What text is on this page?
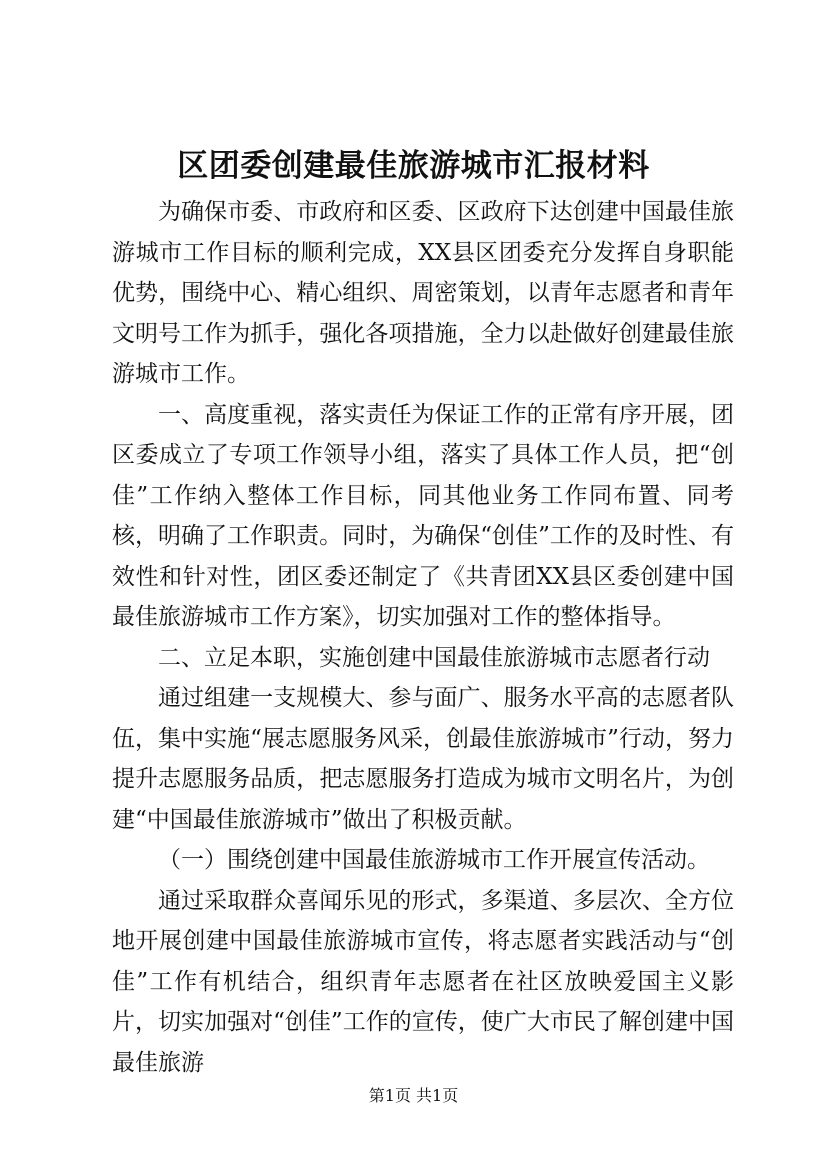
区团委创建最佳旅游城市汇报材料

为确保市委、市政府和区委、区政府下达创建中国最佳旅游城市工作目标的顺利完成，XX县区团委充分发挥自身职能优势，围绕中心、精心组织、周密策划，以青年志愿者和青年文明号工作为抓手，强化各项措施，全力以赴做好创建最佳旅游城市工作。

一、高度重视，落实责任为保证工作的正常有序开展，团区委成立了专项工作领导小组，落实了具体工作人员，把“创佳”工作纳入整体工作目标，同其他业务工作同布置、同考核，明确了工作职责。同时，为确保“创佳”工作的及时性、有效性和针对性，团区委还制定了《共青团XX县区委创建中国最佳旅游城市工作方案》，切实加强对工作的整体指导。

二、立足本职，实施创建中国最佳旅游城市志愿者行动

通过组建一支规模大、参与面广、服务水平高的志愿者队伍，集中实施“展志愿服务风采，创最佳旅游城市”行动，努力提升志愿服务品质，把志愿服务打造成为城市文明名片，为创建“中国最佳旅游城市”做出了积极贡献。

（一）围绕创建中国最佳旅游城市工作开展宣传活动。

通过采取群众喜闻乐见的形式，多渠道、多层次、全方位地开展创建中国最佳旅游城市宣传，将志愿者实践活动与“创佳”工作有机结合，组织青年志愿者在社区放映爱国主义影片，切实加强对“创佳”工作的宣传，使广大市民了解创建中国最佳旅游

第1页 共1页
